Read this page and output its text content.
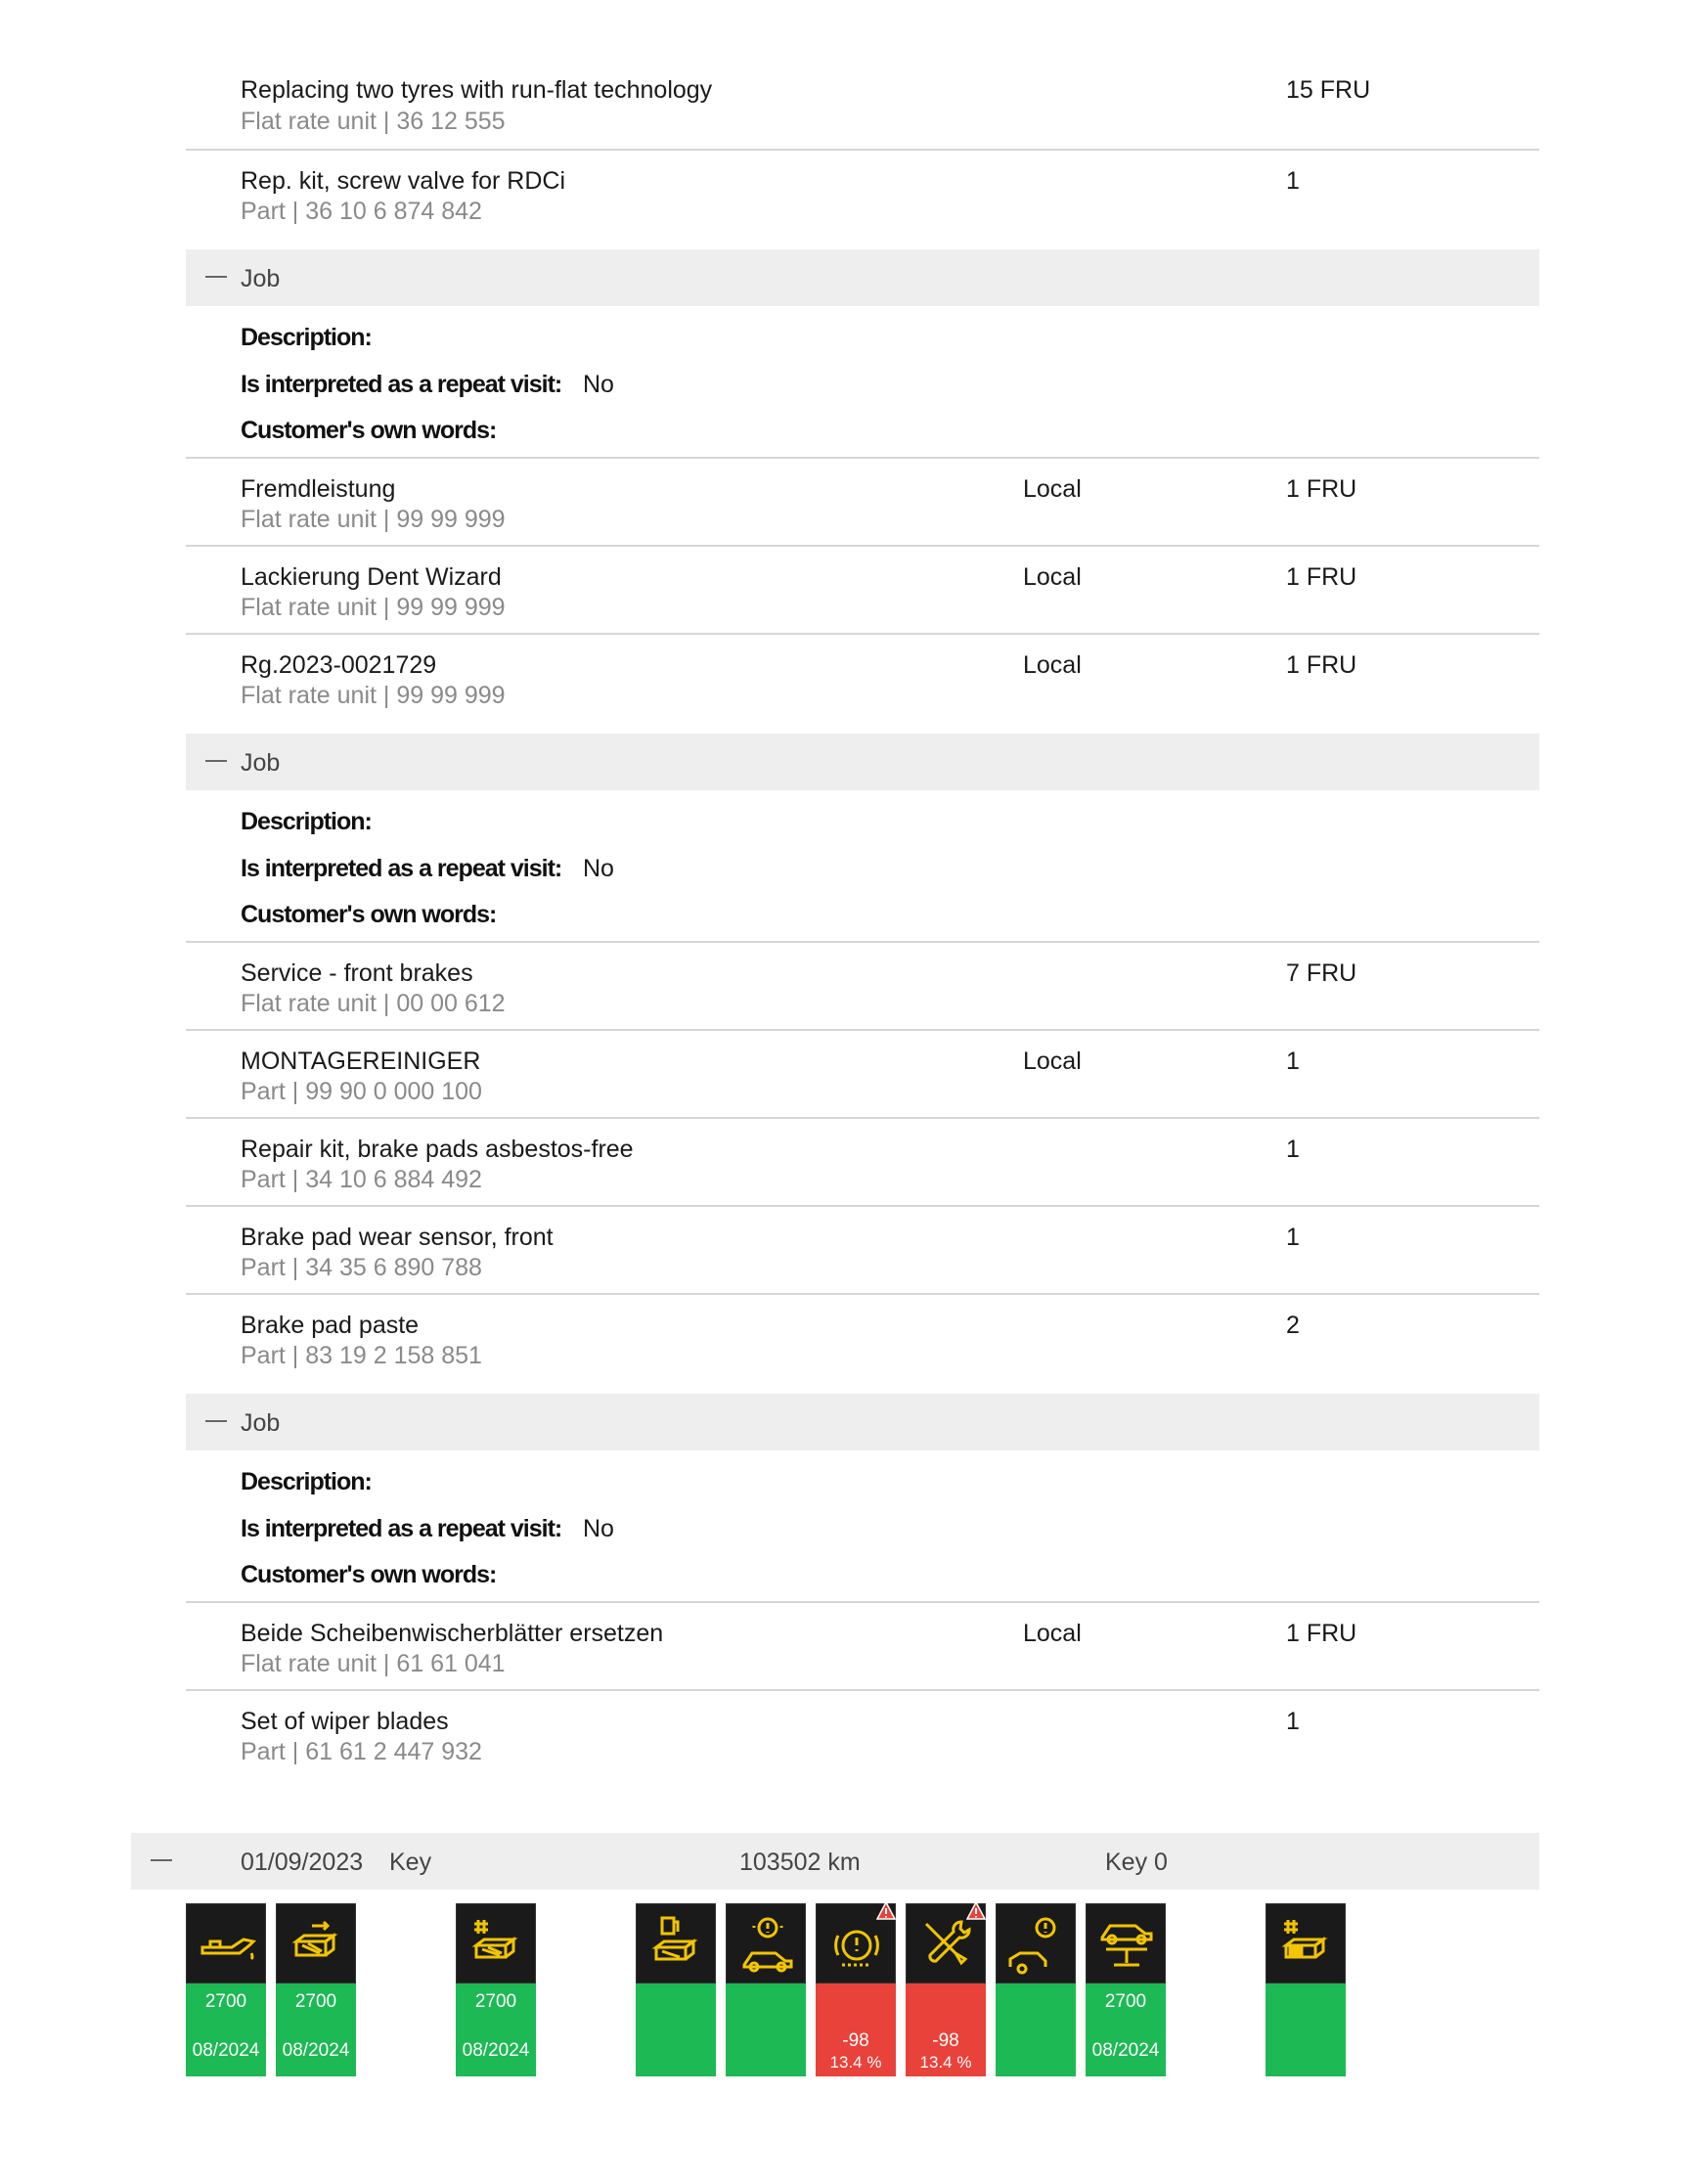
Replacing two tyres with run-flat technology
Flat rate unit | 36 12 555
15 FRU
Rep. kit, screw valve for RDCi
Part | 36 10 6 874 842
1
Job
Description:
Is interpreted as a repeat visit: No
Customer's own words:
Fremdleistung
Flat rate unit | 99 99 999
Local	1 FRU
Lackierung Dent Wizard
Flat rate unit | 99 99 999
Local	1 FRU
Rg.2023-0021729
Flat rate unit | 99 99 999
Local	1 FRU
Job
Description:
Is interpreted as a repeat visit: No
Customer's own words:
Service - front brakes
Flat rate unit | 00 00 612
7 FRU
MONTAGEREINIGER
Part | 99 90 0 000 100
Local	1
Repair kit, brake pads asbestos-free
Part | 34 10 6 884 492
1
Brake pad wear sensor, front
Part | 34 35 6 890 788
1
Brake pad paste
Part | 83 19 2 158 851
2
Job
Description:
Is interpreted as a repeat visit: No
Customer's own words:
Beide Scheibenwischerblätter ersetzen
Flat rate unit | 61 61 041
Local	1 FRU
Set of wiper blades
Part | 61 61 2 447 932
1
01/09/2023 Key	103502 km	Key 0
2700
08/2024
2700
08/2024
2700
08/2024	-98
13.4 %
-98
13.4 %
2700
08/2024
